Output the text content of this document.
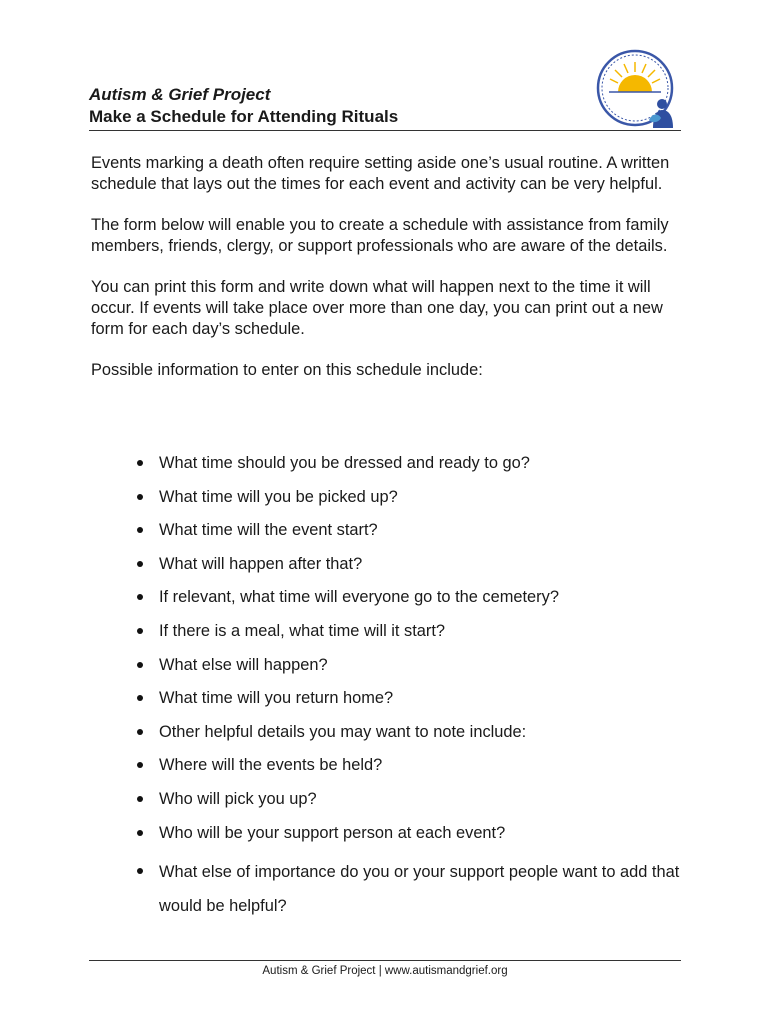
Autism & Grief Project

Make a Schedule for Attending Rituals

Events marking a death often require setting aside one’s usual routine. A written schedule that lays out the times for each event and activity can be very helpful.

The form below will enable you to create a schedule with assistance from family members, friends, clergy, or support professionals who are aware of the details.

You can print this form and write down what will happen next to the time it will occur. If events will take place over more than one day, you can print out a new form for each day’s schedule.

Possible information to enter on this schedule include:

What time should you be dressed and ready to go?
What time will you be picked up?
What time will the event start?
What will happen after that?
If relevant, what time will everyone go to the cemetery?
If there is a meal, what time will it start?
What else will happen?
What time will you return home?
Other helpful details you may want to note include:
Where will the events be held?
Who will pick you up?
Who will be your support person at each event?
What else of importance do you or your support people want to add that would be helpful?
Autism & Grief Project | www.autismandgrief.org
